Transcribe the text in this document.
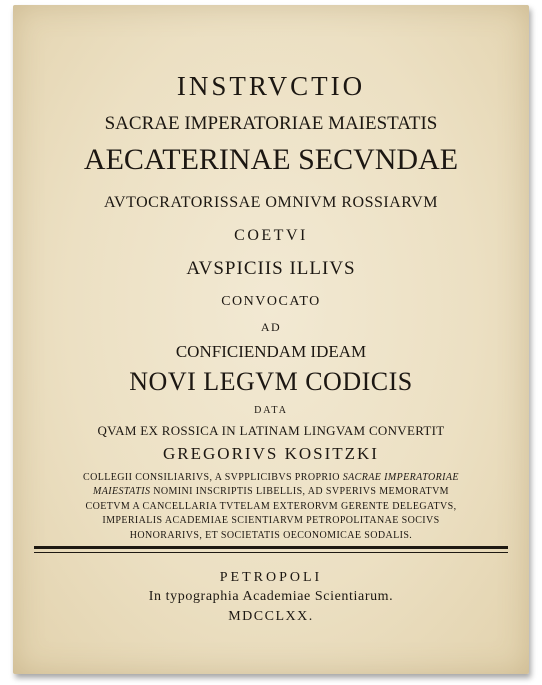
INSTRVCTIO
SACRAE IMPERATORIAE MAIESTATIS
AECATERINAE SECVNDAE
AVTOCRATORISSAE OMNIVM ROSSIARVM
COETVI
AVSPICIIS ILLIVS
CONVOCATO
AD
CONFICIENDAM IDEAM
NOVI LEGVM CODICIS
DATA
QVAM EX ROSSICA IN LATINAM LINGVAM CONVERTIT
GREGORIVS KOSITZKI
COLLEGII CONSILIARIVS, A SVPPLICIBVS PROPRIO SACRAE IMPERATORIAE
MAIESTATIS NOMINI INSCRIPTIS LIBELLIS, AD SVPERIVS MEMORATVM
COETVM A CANCELLARIA TVTELAM EXTERORVM GERENTE DELEGATVS,
IMPERIALIS ACADEMIAE SCIENTIARVM PETROPOLITANAE SOCIVS
HONORARIVS, ET SOCIETATIS OECONOMICAE SODALIS.
PETROPOLI
In typographia Academiae Scientiarum.
MDCCLXX.
